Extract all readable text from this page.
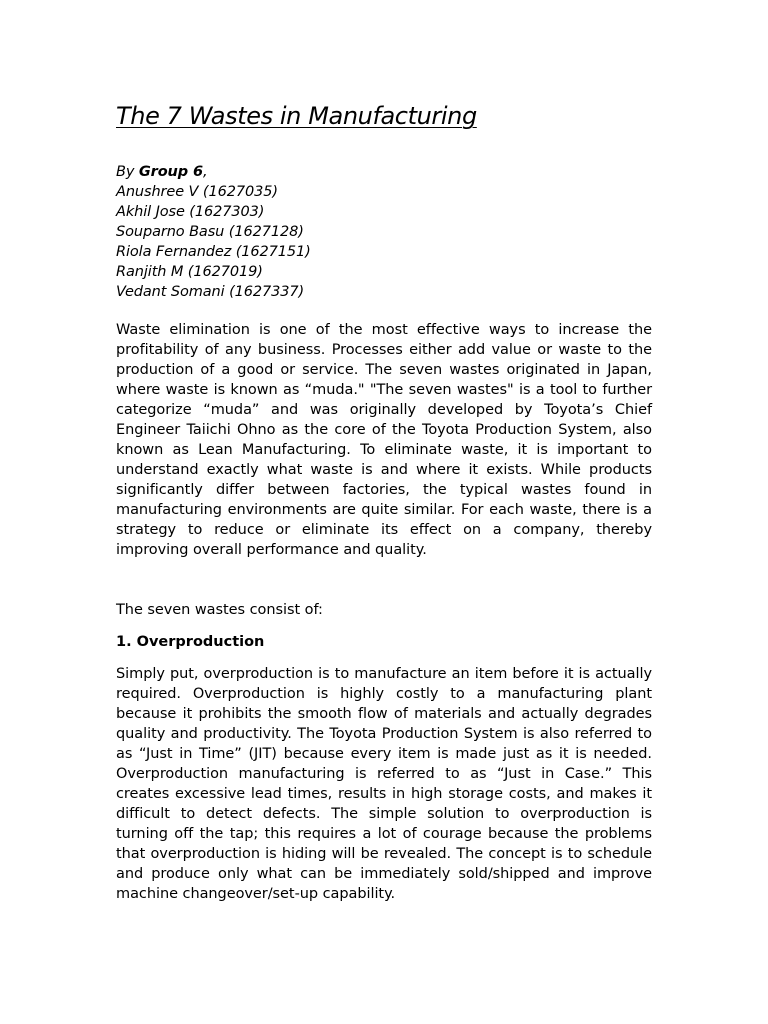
The 7 Wastes in Manufacturing
By Group 6,
Anushree V (1627035)
Akhil Jose (1627303)
Souparno Basu (1627128)
Riola Fernandez (1627151)
Ranjith M (1627019)
Vedant Somani (1627337)

Waste elimination is one of the most effective ways to increase the profitability of any business. Processes either add value or waste to the production of a good or service. The seven wastes originated in Japan, where waste is known as “muda." "The seven wastes" is a tool to further categorize “muda” and was originally developed by Toyota’s Chief Engineer Taiichi Ohno as the core of the Toyota Production System, also known as Lean Manufacturing. To eliminate waste, it is important to understand exactly what waste is and where it exists. While products significantly differ between factories, the typical wastes found in manufacturing environments are quite similar. For each waste, there is a strategy to reduce or eliminate its effect on a company, thereby improving overall performance and quality.

The seven wastes consist of:

1. Overproduction

Simply put, overproduction is to manufacture an item before it is actually required. Overproduction is highly costly to a manufacturing plant because it prohibits the smooth flow of materials and actually degrades quality and productivity. The Toyota Production System is also referred to as “Just in Time” (JIT) because every item is made just as it is needed. Overproduction manufacturing is referred to as “Just in Case.” This creates excessive lead times, results in high storage costs, and makes it difficult to detect defects. The simple solution to overproduction is turning off the tap; this requires a lot of courage because the problems that overproduction is hiding will be revealed. The concept is to schedule and produce only what can be immediately sold/shipped and improve machine changeover/set-up capability.
